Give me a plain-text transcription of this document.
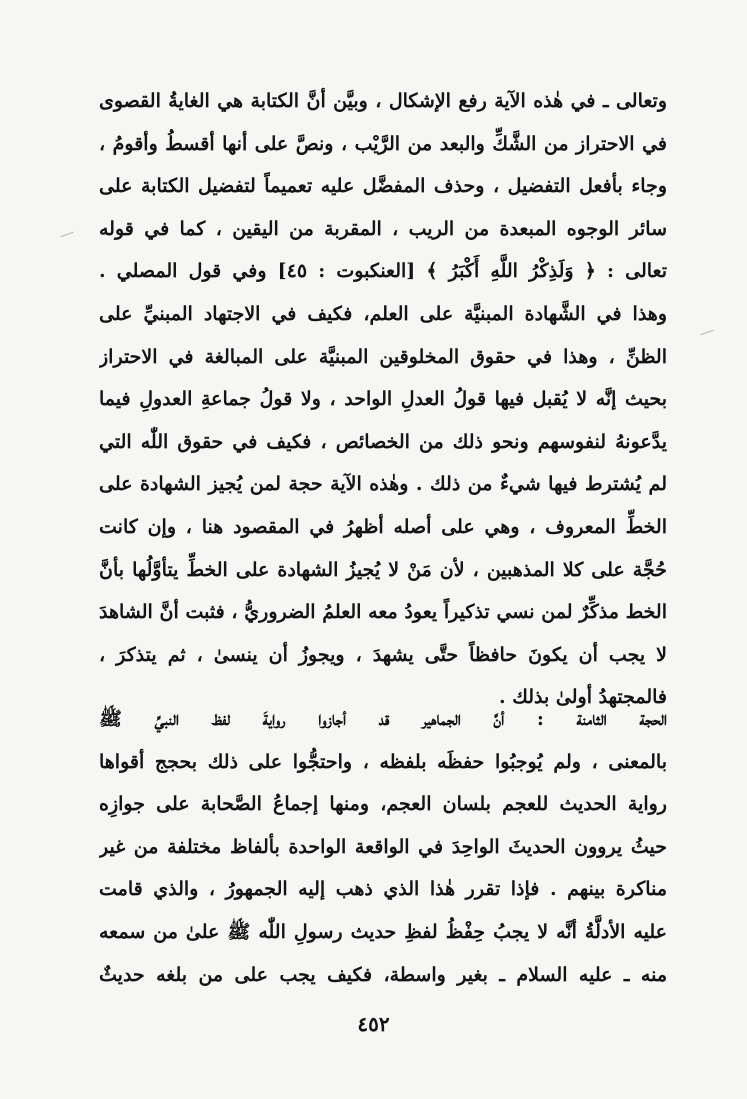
وتعالى ـ في هٰذه الآية رفع الإشكال ، وبيَّن أنَّ الكتابة هي الغايةُ القصوى
في الاحتراز من الشَّكِّ والبعد من الرَّيْب ، ونصَّ على أنها أقسطُ وأقومُ ،
وجاء بأفعل التفضيل ، وحذف المفضَّل عليه تعميماً لتفضيل الكتابة على
سائر الوجوه المبعدة من الريب ، المقربة من اليقين ، كما في قوله
تعالى : ﴿ وَلَذِكْرُ اللَّهِ أَكْبَرُ ﴾ [العنكبوت : ٤٥] وفي قول المصلي .
وهذا في الشَّهادة المبنيَّة على العلم، فكيف في الاجتهاد المبنيِّ على
الظنِّ ، وهذا في حقوق المخلوقين المبنيَّة على المبالغة في الاحتراز
بحيث إنَّه لا يُقبل فيها قولُ العدلِ الواحد ، ولا قولُ جماعةِ العدولِ فيما
يدَّعونهُ لنفوسهم ونحو ذلك من الخصائص ، فكيف في حقوق اللّٰه التي
لم يُشترط فيها شيءٌ من ذلك . وهٰذه الآية حجة لمن يُجيز الشهادة على
الخطِّ المعروف ، وهي على أصله أظهرُ في المقصود هنا ، وإن كانت
حُجَّة على كلا المذهبين ، لأن مَنْ لا يُجيزُ الشهادة على الخطِّ يتأوَّلُها بأنَّ
الخط مذكِّرٌ لمن نسي تذكيراً يعودُ معه العلمُ الضروريُّ ، فثبت أنَّ الشاهدَ
لا يجب أن يكونَ حافظاً حتَّى يشهدَ ، ويجوزُ أن ينسىٰ ، ثم يتذكرَ ،
فالمجتهدُ أولىٰ بذلك .
الحجة الثامنة : أنَّ الجماهير قد أجازوا روايةَ لفظ النبيِّ ﷺ
بالمعنى ، ولم يُوجبُوا حفظَه بلفظه ، واحتجُّوا على ذلك بحجج أقواها
رواية الحديث للعجم بلسان العجم، ومنها إجماعُ الصَّحابة على جوازِه
حيثُ يروون الحديثَ الواحِدَ في الواقعة الواحدة بألفاظ مختلفة من غير
مناكرة بينهم . فإذا تقرر هٰذا الذي ذهب إليه الجمهورُ ، والذي قامت
عليه الأدلَّةُ أنَّه لا يجبُ حِفْظُ لفظِ حديث رسولِ اللّٰه ﷺ علىٰ من سمعه
منه ـ عليه السلام ـ بغير واسطة، فكيف يجب على من بلغه حديثٌ
٤٥٢
